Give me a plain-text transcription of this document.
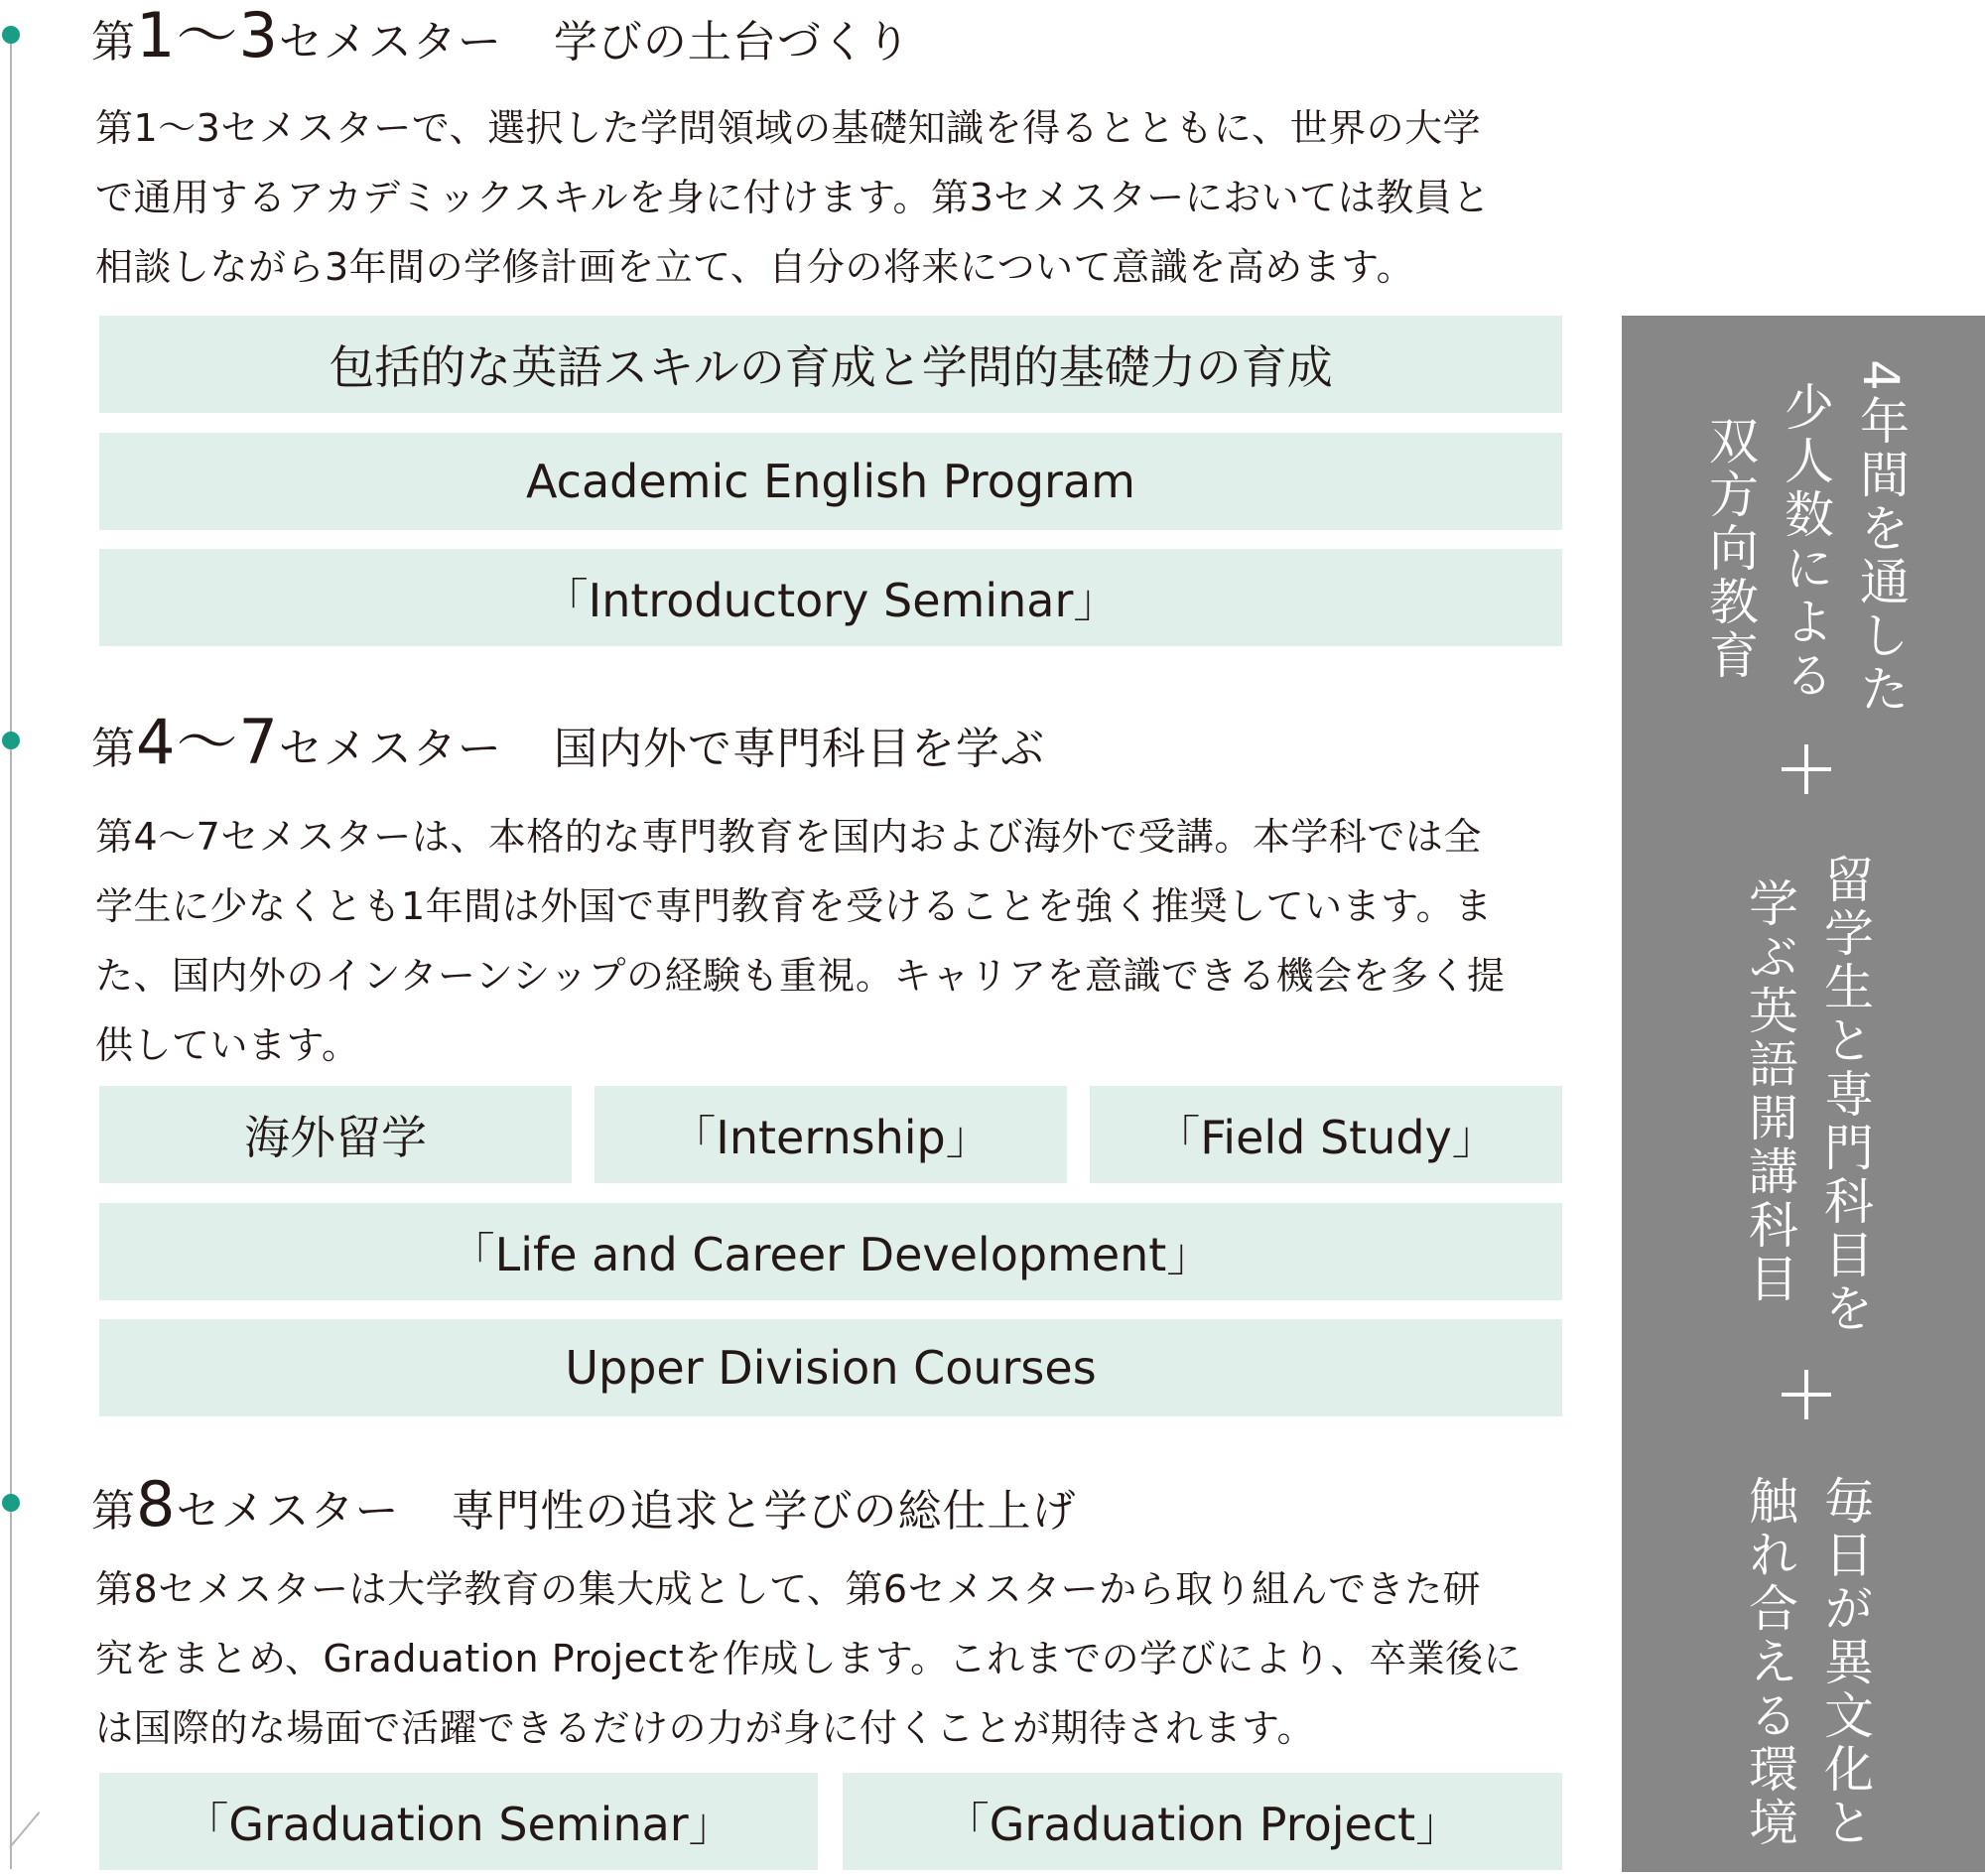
第1〜3セメスター 学びの土台づくり
第1〜3セメスターで、選択した学問領域の基礎知識を得るとともに、世界の大学
で通用するアカデミックスキルを身に付けます。第3セメスターにおいては教員と
相談しながら3年間の学修計画を立て、自分の将来について意識を高めます。
包括的な英語スキルの育成と学問的基礎力の育成
Academic English Program
「Introductory Seminar」
第4〜7セメスター 国内外で専門科目を学ぶ
第4〜7セメスターは、本格的な専門教育を国内および海外で受講。本学科では全
学生に少なくとも1年間は外国で専門教育を受けることを強く推奨しています。ま
た、国内外のインターンシップの経験も重視。キャリアを意識できる機会を多く提
供しています。
海外留学	「Internship」	「Field Study」
「Life and Career Development」
Upper Division Courses
第8セメスター 専門性の追求と学びの総仕上げ
第8セメスターは大学教育の集大成として、第6セメスターから取り組んできた研
究をまとめ、Graduation Projectを作成します。これまでの学びにより、卒業後に
は国際的な場面で活躍できるだけの力が身に付くことが期待されます。
「Graduation Seminar」	「Graduation Project」
4年間を通した
少人数による
双方向教育
留学生と専門科目を
学ぶ英語開講科目
毎日が異文化と
触れ合える環境
